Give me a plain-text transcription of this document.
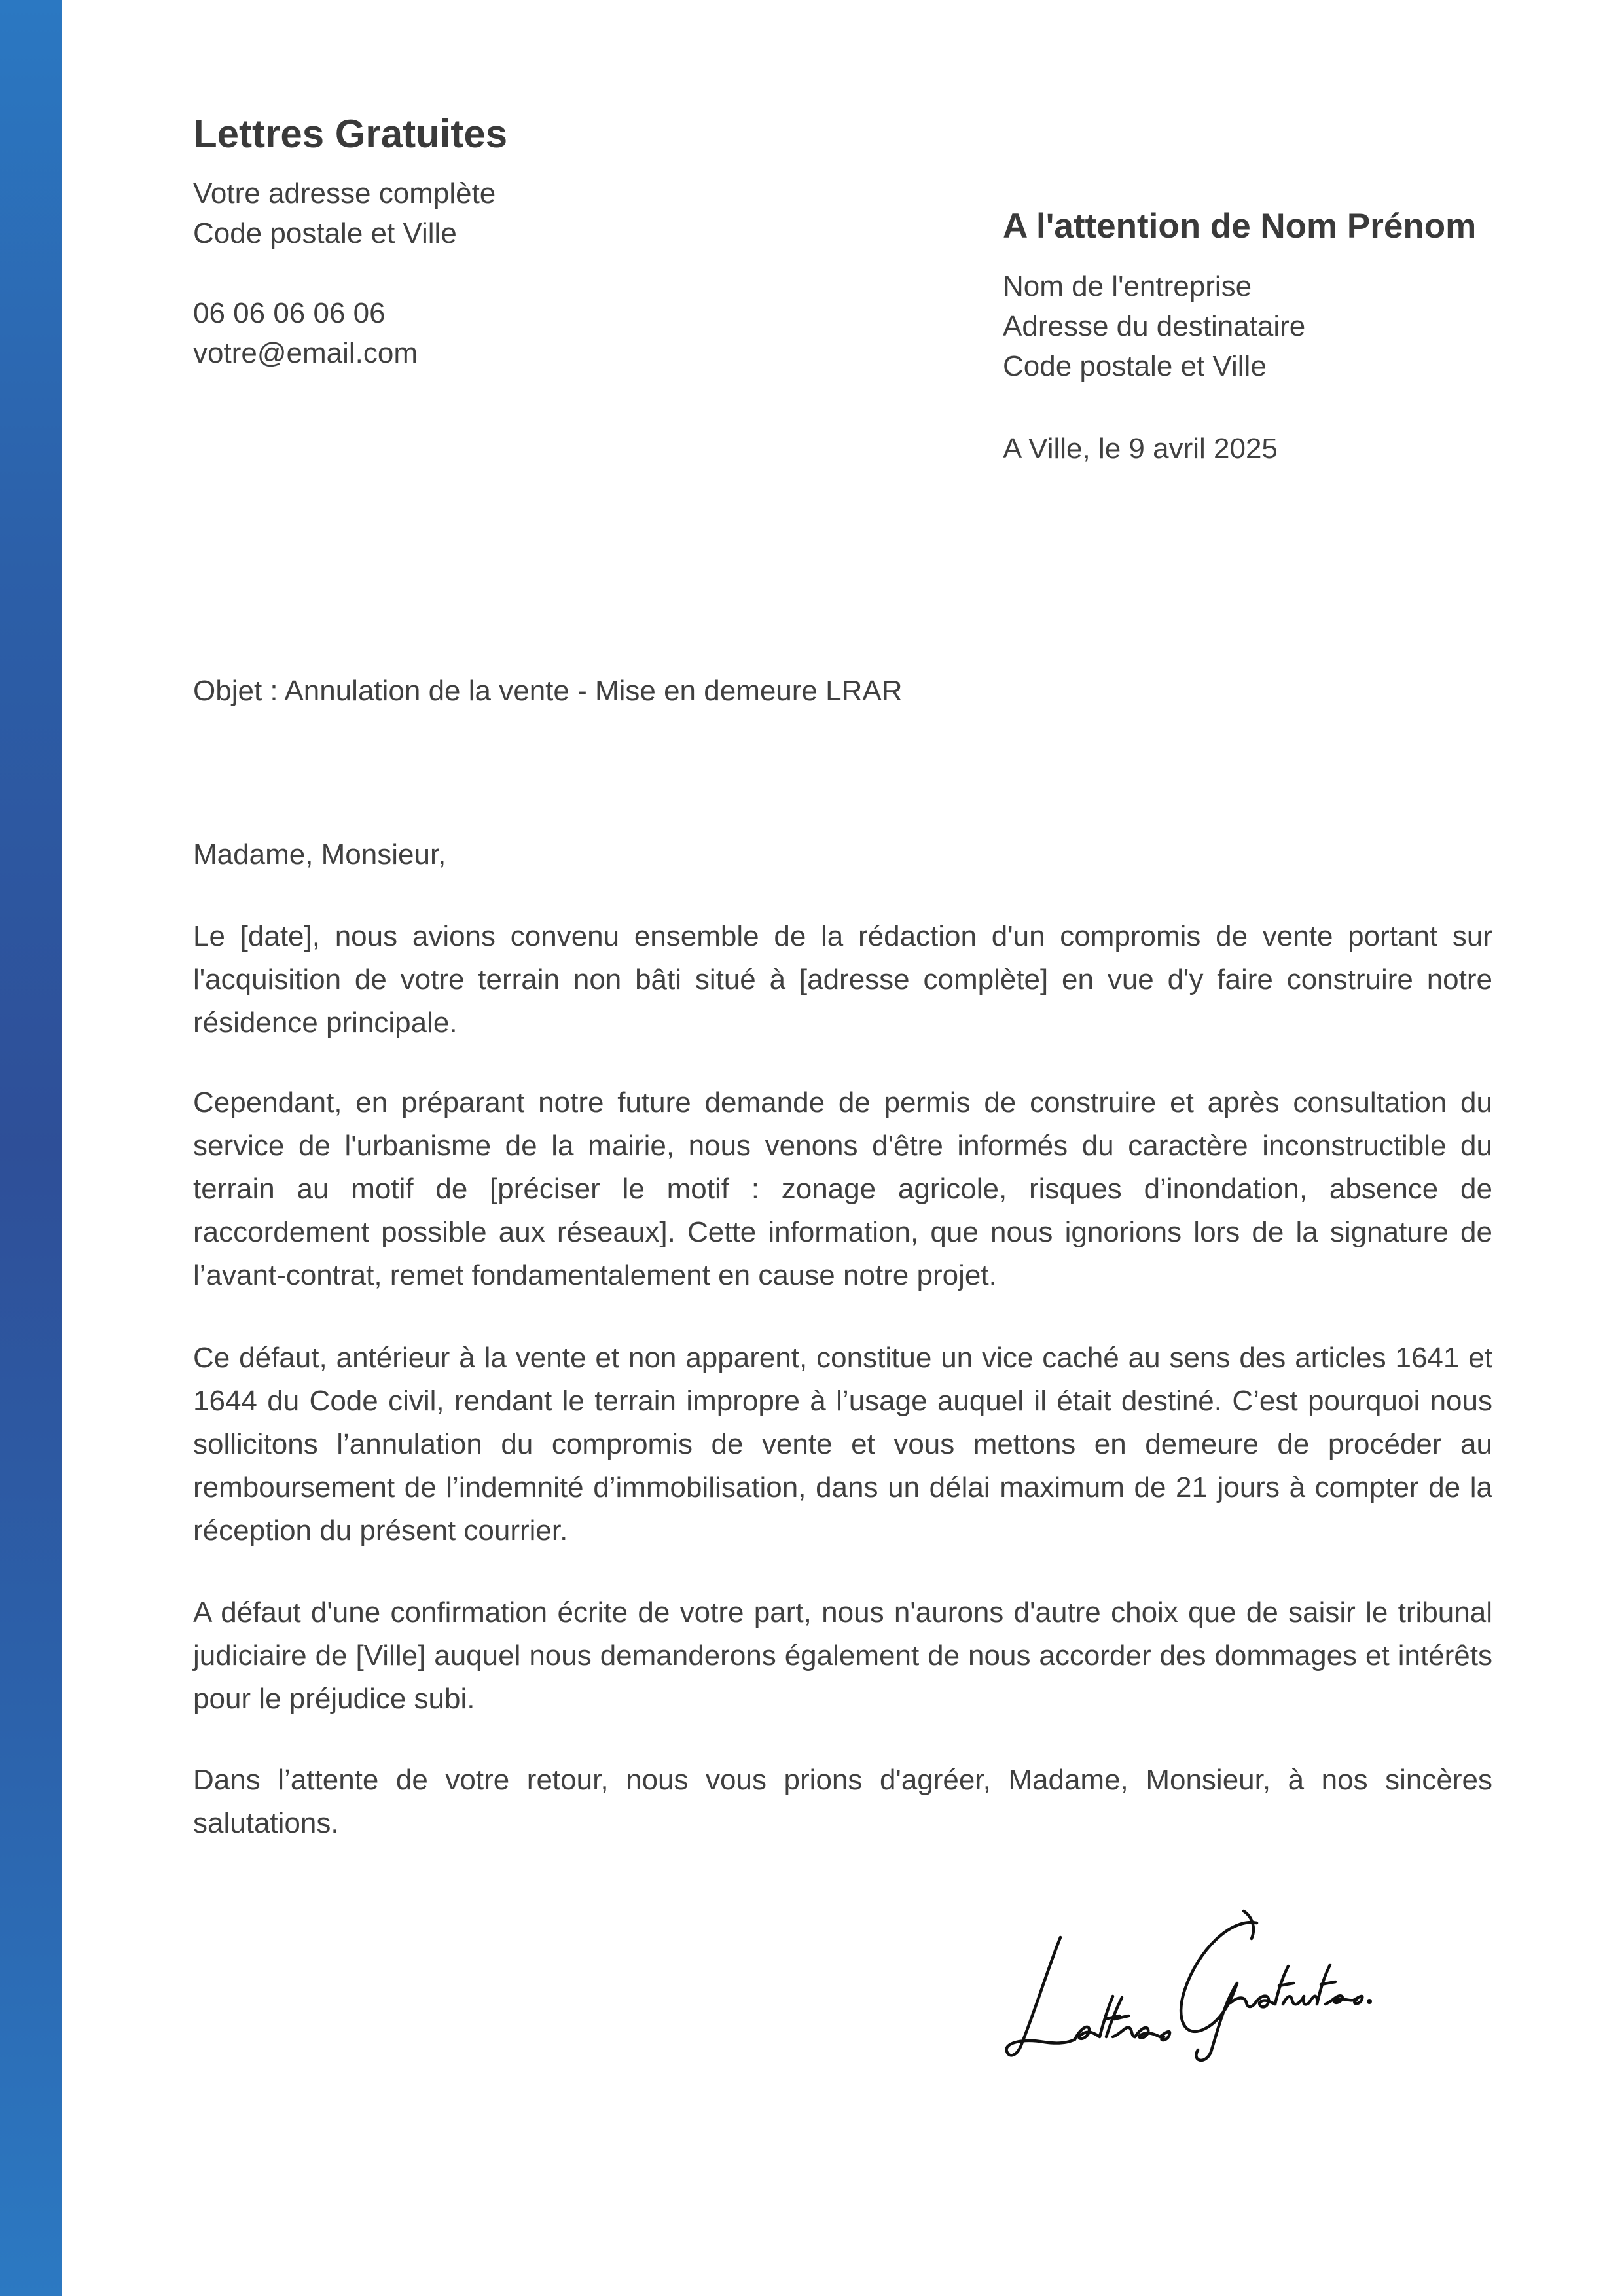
Lettres Gratuites
Votre adresse complète
Code postale et Ville
06 06 06 06 06
votre@email.com
A l'attention de Nom Prénom
Nom de l'entreprise
Adresse du destinataire
Code postale et Ville
A Ville, le 9 avril 2025
Objet : Annulation de la vente - Mise en demeure LRAR
Madame, Monsieur,
Le [date], nous avions convenu ensemble de la rédaction d'un compromis de vente portant sur l'acquisition de votre terrain non bâti situé à [adresse complète] en vue d'y faire construire notre résidence principale.
Cependant, en préparant notre future demande de permis de construire et après consultation du service de l'urbanisme de la mairie, nous venons d'être informés du caractère inconstructible du terrain au motif de [préciser le motif : zonage agricole, risques d’inondation, absence de raccordement possible aux réseaux]. Cette information, que nous ignorions lors de la signature de l’avant-contrat, remet fondamentalement en cause notre projet.
Ce défaut, antérieur à la vente et non apparent, constitue un vice caché au sens des articles 1641 et 1644 du Code civil, rendant le terrain impropre à l’usage auquel il était destiné. C’est pourquoi nous sollicitons l’annulation du compromis de vente et vous mettons en demeure de procéder au remboursement de l’indemnité d’immobilisation, dans un délai maximum de 21 jours à compter de la réception du présent courrier.
A défaut d'une confirmation écrite de votre part, nous n'aurons d'autre choix que de saisir le tribunal judiciaire de [Ville] auquel nous demanderons également de nous accorder des dommages et intérêts pour le préjudice subi.
Dans l’attente de votre retour, nous vous prions d'agréer, Madame, Monsieur, à nos sincères salutations.
